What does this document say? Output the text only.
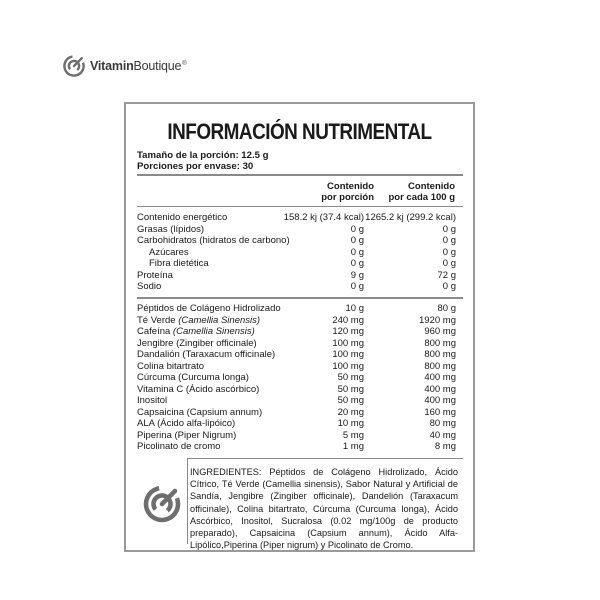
VitaminBoutique®
INFORMACIÓN NUTRIMENTAL
Tamaño de la porción: 12.5 g
Porciones por envase: 30
Contenido
por porción
Contenido
por cada 100 g
Contenido energético	158.2 kj (37.4 kcal) 1265.2 kj (299.2 kcal)
Grasas (lípidos)	0 g	0 g
Carbohidratos (hidratos de carbono)	0 g	0 g
Azúcares	0 g	0 g
Fibra dietética	0 g	0 g
Proteína	9 g	72 g
Sodio	0 g	0 g
Péptidos de Colágeno Hidrolizado	10 g	80 g
Té Verde (Camellia Sinensis)	240 mg	1920 mg
Cafeína (Camellia Sinensis)	120 mg	960 mg
Jengibre (Zingiber officinale)	100 mg	800 mg
Dandalión (Taraxacum officinale)	100 mg	800 mg
Colina bitartrato	100 mg	800 mg
Cúrcuma (Curcuma longa)	50 mg	400 mg
Vitamina C (Ácido ascórbico)	50 mg	400 mg
Inositol	50 mg	400 mg
Capsaicina (Capsium annum)	20 mg	160 mg
ALA (Ácido alfa-lipóico)	10 mg	80 mg
Piperina (Piper Nigrum)	5 mg	40 mg
Picolinato de cromo	1 mg	8 mg
INGREDIENTES: Péptidos de Colágeno Hidrolizado, Ácido Cítrico, Té Verde (Camellia sinensis), Sabor Natural y Artificial de Sandía, Jengibre (Zingiber officinale), Dandelión (Taraxacum officinale), Colina bitartrato, Cúrcuma (Curcuma longa), Ácido Ascórbico, Inositol, Sucralosa (0.02 mg/100g de producto preparado), Capsaicina (Capsium annum), Ácido Alfa-Lipólico,Piperina (Piper nigrum) y Picolinato de Cromo.
